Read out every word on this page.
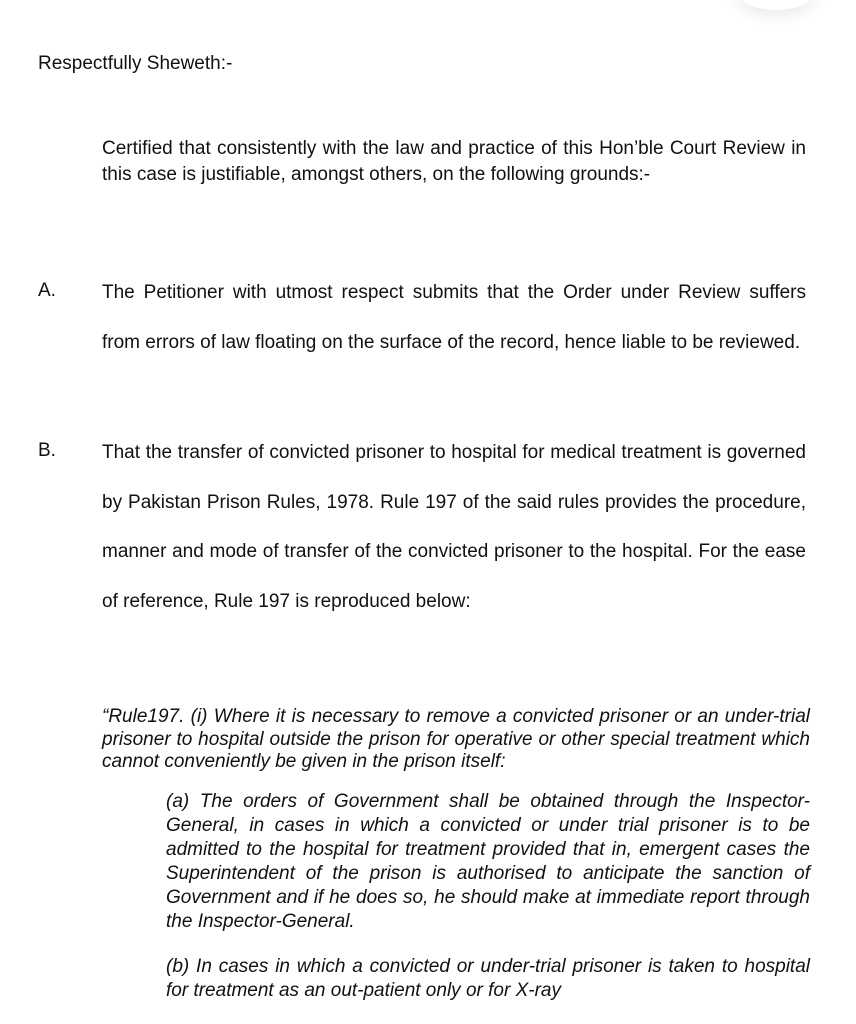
Respectfully Sheweth:-

Certified that consistently with the law and practice of this Hon’ble Court Review in this case is justifiable, amongst others, on the following grounds:-

A. The Petitioner with utmost respect submits that the Order under Review suffers from errors of law floating on the surface of the record, hence liable to be reviewed.

B. That the transfer of convicted prisoner to hospital for medical treatment is governed by Pakistan Prison Rules, 1978. Rule 197 of the said rules provides the procedure, manner and mode of transfer of the convicted prisoner to the hospital. For the ease of reference, Rule 197 is reproduced below:

“Rule197. (i) Where it is necessary to remove a convicted prisoner or an under-trial prisoner to hospital outside the prison for operative or other special treatment which cannot conveniently be given in the prison itself:

(a) The orders of Government shall be obtained through the Inspector-General, in cases in which a convicted or under trial prisoner is to be admitted to the hospital for treatment provided that in, emergent cases the Superintendent of the prison is authorised to anticipate the sanction of Government and if he does so, he should make at immediate report through the Inspector-General.

(b) In cases in which a convicted or under-trial prisoner is taken to hospital for treatment as an out-patient only or for X-ray
